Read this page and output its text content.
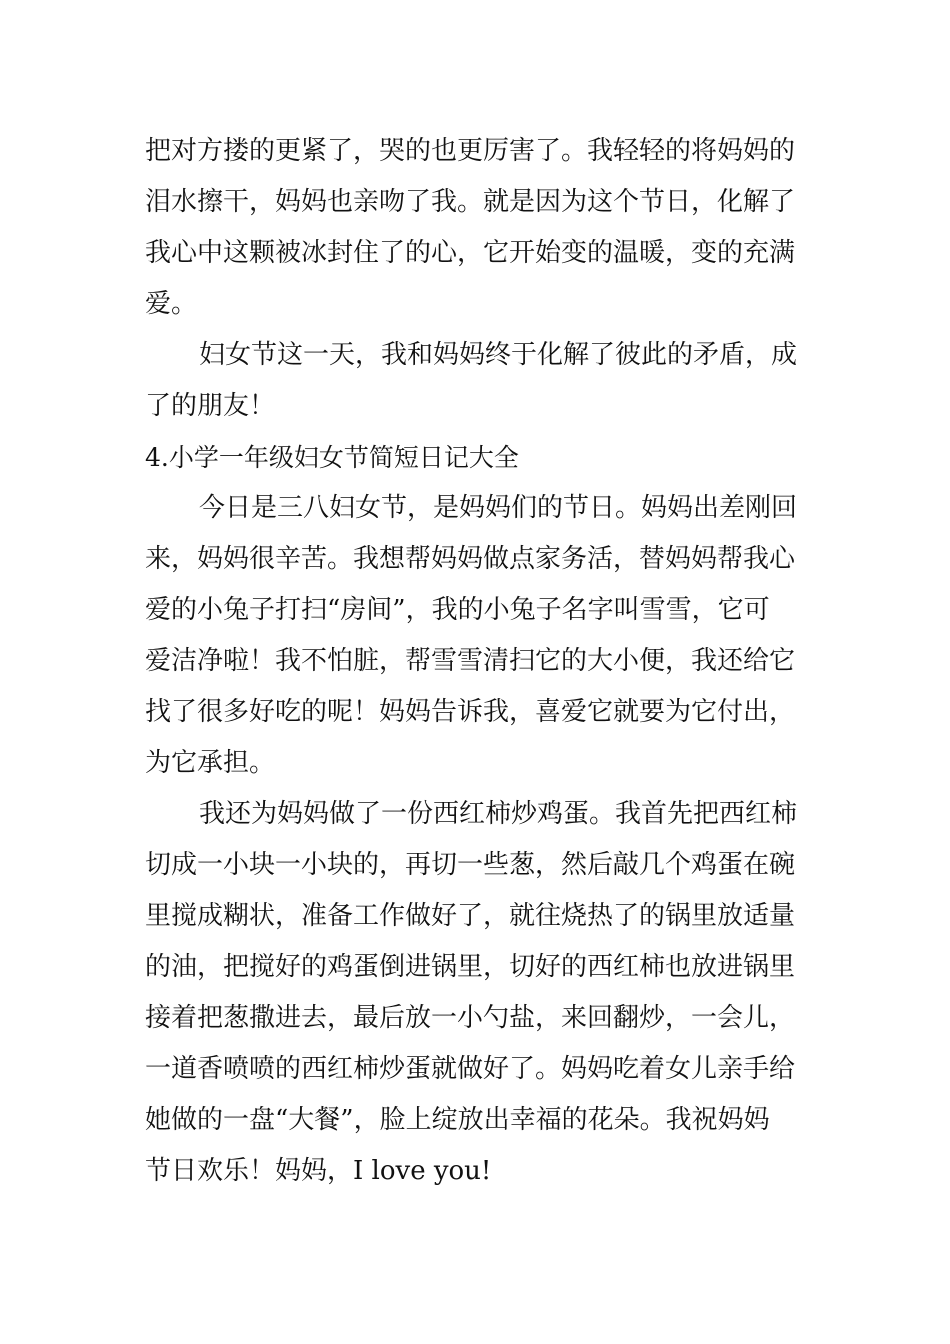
把对方搂的更紧了，哭的也更厉害了。我轻轻的将妈妈的
泪水擦干，妈妈也亲吻了我。就是因为这个节日，化解了
我心中这颗被冰封住了的心，它开始变的温暖，变的充满
爱。
妇女节这一天，我和妈妈终于化解了彼此的矛盾，成
了的朋友！
4.小学一年级妇女节简短日记大全
今日是三八妇女节，是妈妈们的节日。妈妈出差刚回
来，妈妈很辛苦。我想帮妈妈做点家务活，替妈妈帮我心
爱的小兔子打扫“房间”，我的小兔子名字叫雪雪，它可
爱洁净啦！我不怕脏，帮雪雪清扫它的大小便，我还给它
找了很多好吃的呢！妈妈告诉我，喜爱它就要为它付出，
为它承担。
我还为妈妈做了一份西红柿炒鸡蛋。我首先把西红柿
切成一小块一小块的，再切一些葱，然后敲几个鸡蛋在碗
里搅成糊状，准备工作做好了，就往烧热了的锅里放适量
的油，把搅好的鸡蛋倒进锅里，切好的西红柿也放进锅里
接着把葱撒进去，最后放一小勺盐，来回翻炒，一会儿，
一道香喷喷的西红柿炒蛋就做好了。妈妈吃着女儿亲手给
她做的一盘“大餐”，脸上绽放出幸福的花朵。我祝妈妈
节日欢乐！妈妈，I love you!
